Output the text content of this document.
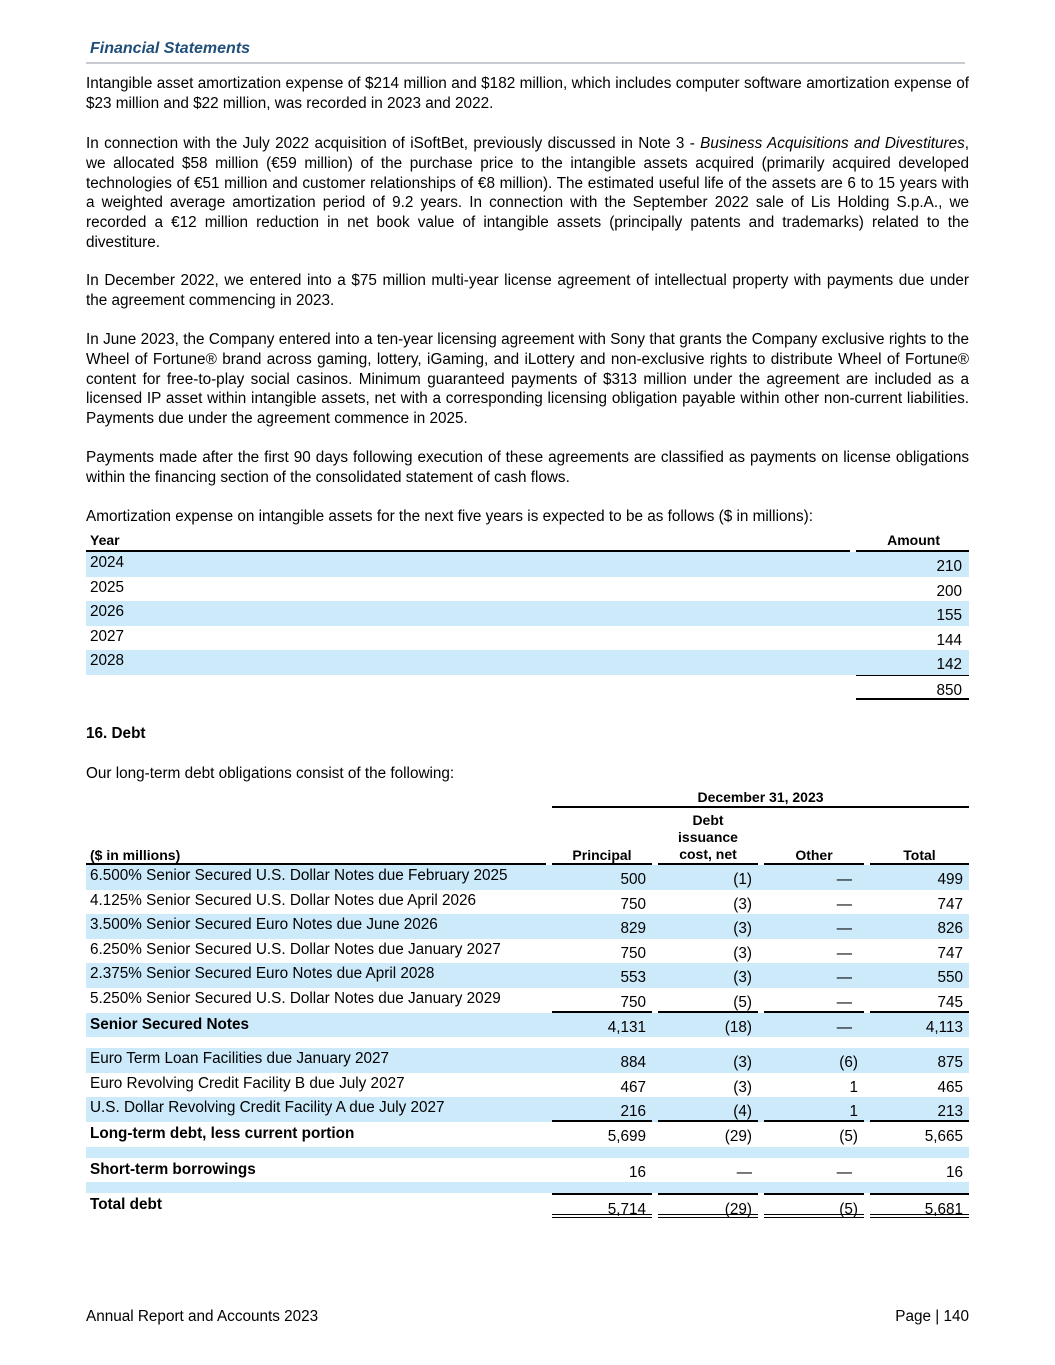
Financial Statements

Intangible asset amortization expense of $214 million and $182 million, which includes computer software amortization expense of $23 million and $22 million, was recorded in 2023 and 2022.

In connection with the July 2022 acquisition of iSoftBet, previously discussed in Note 3 - Business Acquisitions and Divestitures, we allocated $58 million (€59 million) of the purchase price to the intangible assets acquired (primarily acquired developed technologies of €51 million and customer relationships of €8 million). The estimated useful life of the assets are 6 to 15 years with a weighted average amortization period of 9.2 years. In connection with the September 2022 sale of Lis Holding S.p.A., we recorded a €12 million reduction in net book value of intangible assets (principally patents and trademarks) related to the divestiture.

In December 2022, we entered into a $75 million multi-year license agreement of intellectual property with payments due under the agreement commencing in 2023.

In June 2023, the Company entered into a ten-year licensing agreement with Sony that grants the Company exclusive rights to the Wheel of Fortune® brand across gaming, lottery, iGaming, and iLottery and non-exclusive rights to distribute Wheel of Fortune® content for free-to-play social casinos. Minimum guaranteed payments of $313 million under the agreement are included as a licensed IP asset within intangible assets, net with a corresponding licensing obligation payable within other non-current liabilities. Payments due under the agreement commence in 2025.

Payments made after the first 90 days following execution of these agreements are classified as payments on license obligations within the financing section of the consolidated statement of cash flows.

Amortization expense on intangible assets for the next five years is expected to be as follows ($ in millions):

Year	Amount
2024	210
2025	200
2026	155
2027	144
2028	142
850
16. Debt
Our long-term debt obligations consist of the following:
December 31, 2023
($ in millions)	Principal
Debt
issuance
cost, net	Other	Total
6.500% Senior Secured U.S. Dollar Notes due February 2025	500	(1)	—	499
4.125% Senior Secured U.S. Dollar Notes due April 2026	750	(3)	—	747
3.500% Senior Secured Euro Notes due June 2026	829	(3)	—	826
6.250% Senior Secured U.S. Dollar Notes due January 2027	750	(3)	—	747
2.375% Senior Secured Euro Notes due April 2028	553	(3)	—	550
5.250% Senior Secured U.S. Dollar Notes due January 2029	750	(5)	—	745
Senior Secured Notes	4,131	(18)	—	4,113
Euro Term Loan Facilities due January 2027	884	(3)	(6)	875
Euro Revolving Credit Facility B due July 2027	467	(3)	1	465
U.S. Dollar Revolving Credit Facility A due July 2027	216	(4)	1	213
Long-term debt, less current portion	5,699	(29)	(5)	5,665
Short-term borrowings	16	—	—	16
Total debt	5,714	(29)	(5)	5,681
Annual Report and Accounts 2023	Page | 140
